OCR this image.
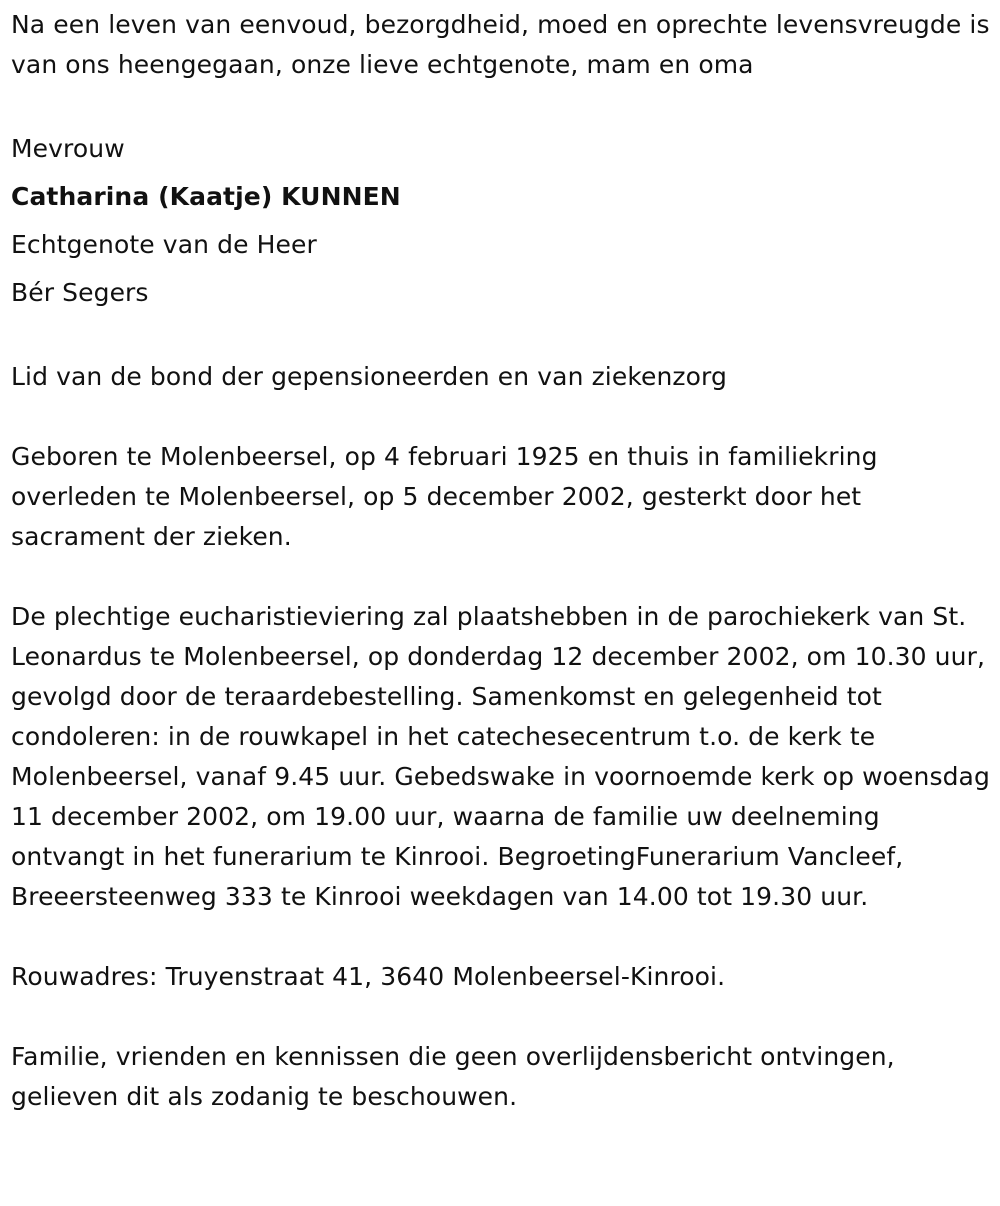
Na een leven van eenvoud, bezorgdheid, moed en oprechte levensvreugde is van ons heengegaan, onze lieve echtgenote, mam en oma

Mevrouw

Catharina (Kaatje) KUNNEN

Echtgenote van de Heer

Bér Segers

Lid van de bond der gepensioneerden en van ziekenzorg

Geboren te Molenbeersel, op 4 februari 1925 en thuis in familiekring overleden te Molenbeersel, op 5 december 2002, gesterkt door het sacrament der zieken.

De plechtige eucharistieviering zal plaatshebben in de parochiekerk van St. Leonardus te Molenbeersel, op donderdag 12 december 2002, om 10.30 uur, gevolgd door de teraardebestelling. Samenkomst en gelegenheid tot condoleren: in de rouwkapel in het catechesecentrum t.o. de kerk te Molenbeersel, vanaf 9.45 uur. Gebedswake in voornoemde kerk op woensdag 11 december 2002, om 19.00 uur, waarna de familie uw deelneming ontvangt in het funerarium te Kinrooi. BegroetingFunerarium Vancleef, Breeersteenweg 333 te Kinrooi weekdagen van 14.00 tot 19.30 uur.

Rouwadres: Truyenstraat 41, 3640 Molenbeersel-Kinrooi.

Familie, vrienden en kennissen die geen overlijdensbericht ontvingen, gelieven dit als zodanig te beschouwen.
